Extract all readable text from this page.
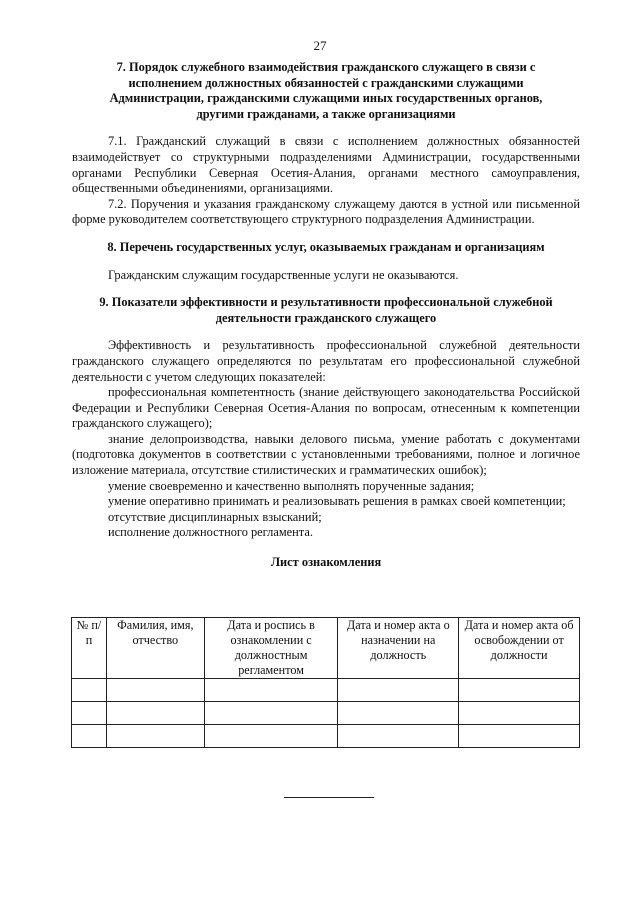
27

7. Порядок служебного взаимодействия гражданского служащего в связи с исполнением должностных обязанностей с гражданскими служащими Администрации, гражданскими служащими иных государственных органов, другими гражданами, а также организациями

7.1. Гражданский служащий в связи с исполнением должностных обязанностей взаимодействует со структурными подразделениями Администрации, государственными органами Республики Северная Осетия-Алания, органами местного самоуправления, общественными объединениями, организациями.

7.2. Поручения и указания гражданскому служащему даются в устной или письменной форме руководителем соответствующего структурного подразделения Администрации.

8. Перечень государственных услуг, оказываемых гражданам и организациям

Гражданским служащим государственные услуги не оказываются.

9. Показатели эффективности и результативности профессиональной служебной деятельности гражданского служащего

Эффективность и результативность профессиональной служебной деятельности гражданского служащего определяются по результатам его профессиональной служебной деятельности с учетом следующих показателей:

профессиональная компетентность (знание действующего законодательства Российской Федерации и Республики Северная Осетия-Алания по вопросам, отнесенным к компетенции гражданского служащего);

знание делопроизводства, навыки делового письма, умение работать с документами (подготовка документов в соответствии с установленными требованиями, полное и логичное изложение материала, отсутствие стилистических и грамматических ошибок);

умение своевременно и качественно выполнять порученные задания;

умение оперативно принимать и реализовывать решения в рамках своей компетенции;

отсутствие дисциплинарных взысканий;

исполнение должностного регламента.

Лист ознакомления

№ п/п	Фамилия, имя, отчество	Дата и роспись в ознакомлении с должностным регламентом	Дата и номер акта о назначении на должность	Дата и номер акта об освобождении от должности
